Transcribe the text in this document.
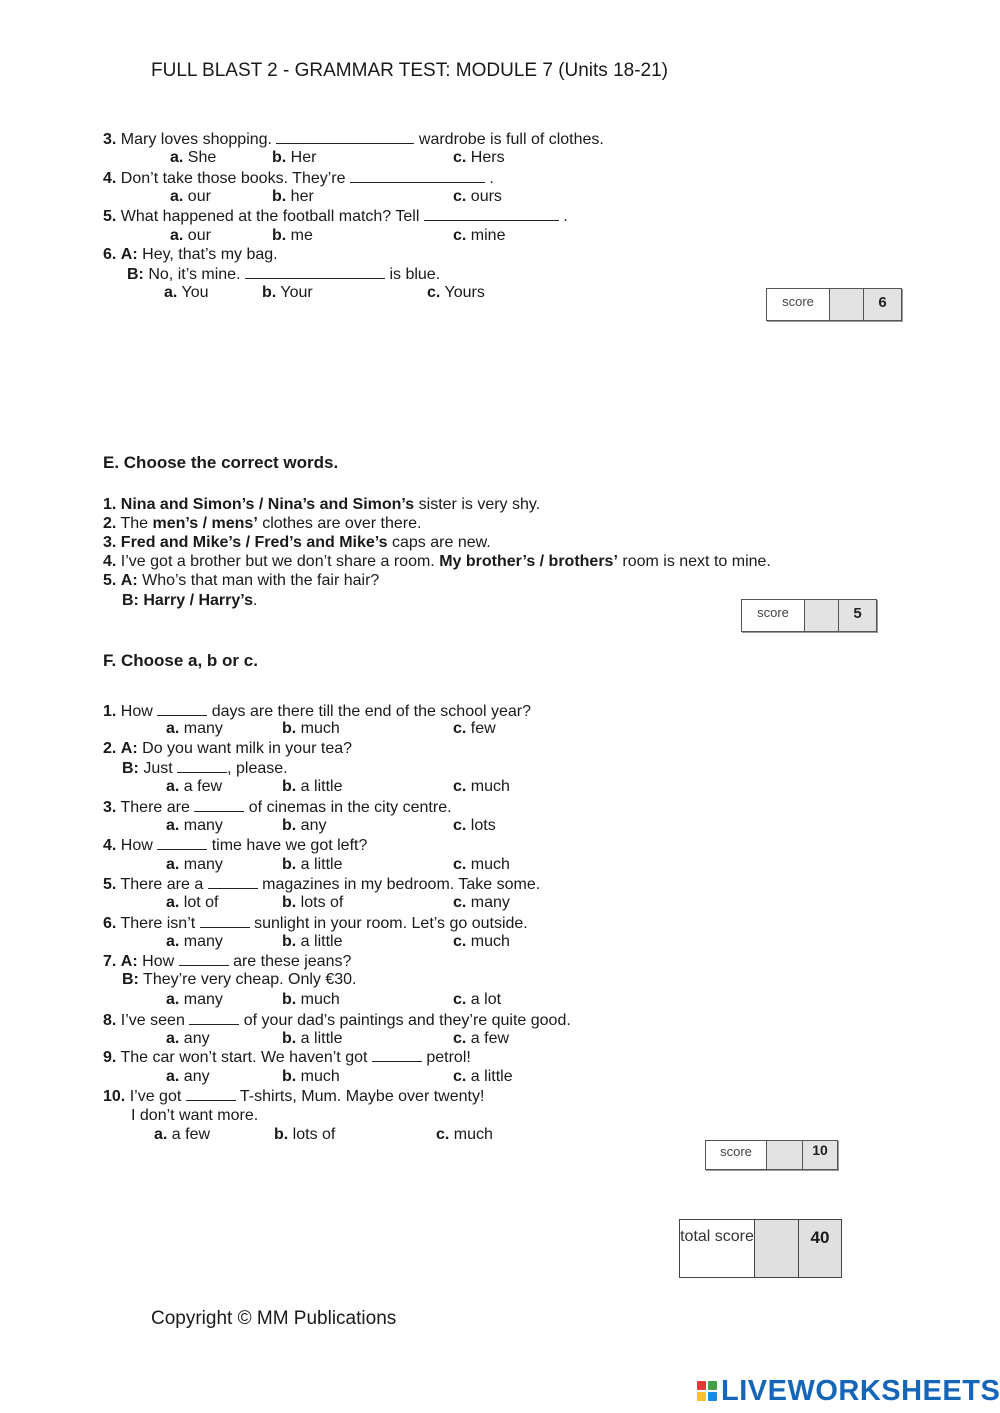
FULL BLAST 2 - GRAMMAR TEST: MODULE 7 (Units 18-21)
3. Mary loves shopping.	wardrobe is full of clothes.
a. She	b. Her	c. Hers
4. Don’t take those books. They’re	.
a. our	b. her	c. ours
5. What happened at the football match? Tell	.
a. our	b. me	c. mine
6. A: Hey, that’s my bag.
B: No, it’s mine.	is blue.
a. You	b. Your	c. Yours
score	6
E. Choose the correct words.
1. Nina and Simon’s / Nina’s and Simon’s sister is very shy.
2. The men’s / mens’ clothes are over there.
3. Fred and Mike’s / Fred’s and Mike’s caps are new.
4. I’ve got a brother but we don’t share a room. My brother’s / brothers’ room is next to mine.
5. A: Who’s that man with the fair hair?
B: Harry / Harry’s.
score	5
F. Choose a, b or c.
1. How	days are there till the end of the school year?
a. many	b. much	c. few
2. A: Do you want milk in your tea?
B: Just	, please.
a. a few	b. a little	c. much
3. There are	of cinemas in the city centre.
a. many	b. any	c. lots
4. How	time have we got left?
a. many	b. a little	c. much
5. There are a	magazines in my bedroom. Take some.
a. lot of	b. lots of	c. many
6. There isn’t	sunlight in your room. Let’s go outside.
a. many	b. a little	c. much
7. A: How	are these jeans?
B: They’re very cheap. Only €30.
a. many	b. much	c. a lot
8. I’ve seen	of your dad’s paintings and they’re quite good.
a. any	b. a little	c. a few
9. The car won’t start. We haven’t got	petrol!
a. any	b. much	c. a little
10. I’ve got	T-shirts, Mum. Maybe over twenty!
I don’t want more.
a. a few	b. lots of	c. much
score	10
total score	40
Copyright © MM Publications
LIVEWORKSHEETS
